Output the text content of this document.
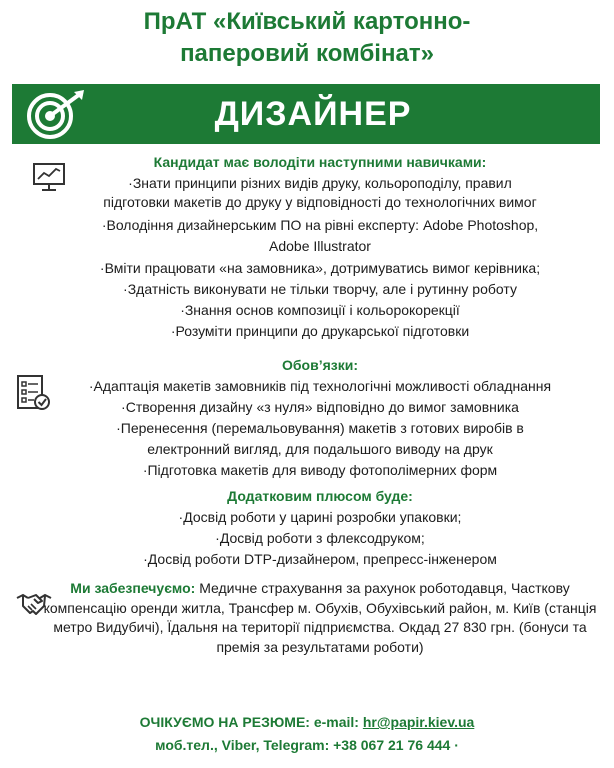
ПрАТ «Київський картонно-
паперовий комбінат»
ДИЗАЙНЕР
Кандидат має володіти наступними навичками:
·Знати принципи різних видів друку, кольороподілу, правил
підготовки макетів до друку у відповідності до технологічних вимог
·Володіння дизайнерським ПО на рівні експерту: Adobe Photoshop,
Adobe Illustrator
·Вміти працювати «на замовника», дотримуватись вимог керівника;
·Здатність виконувати не тільки творчу, але і рутинну роботу
·Знання основ композиції і кольорокорекції
·Розуміти принципи до друкарської підготовки
Обов’язки:
·Адаптація макетів замовників під технологічні можливості обладнання
·Створення дизайну «з нуля» відповідно до вимог замовника
·Перенесення (перемальовування) макетів з готових виробів в
електронний вигляд, для подальшого виводу на друк
·Підготовка макетів для виводу фотополімерних форм
Додатковим плюсом буде:
·Досвід роботи у царині розробки упаковки;
·Досвід роботи з флексодруком;
·Досвід роботи DTP-дизайнером, препресс-інженером
Ми забезпечуємо: Медичне страхування за рахунок роботодавця, Часткову компенсацію оренди житла, Трансфер м. Обухів, Обухівський район, м. Київ (станція метро Видубичі), Їдальня на території підприємства. Окдад 27 830 грн. (бонуси та премія за результатами роботи)
ОЧІКУЄМО НА РЕЗЮМЕ: e-mail: hr@papir.kiev.ua
моб.тел., Viber, Telegram: +38 067 21 76 444 ·
